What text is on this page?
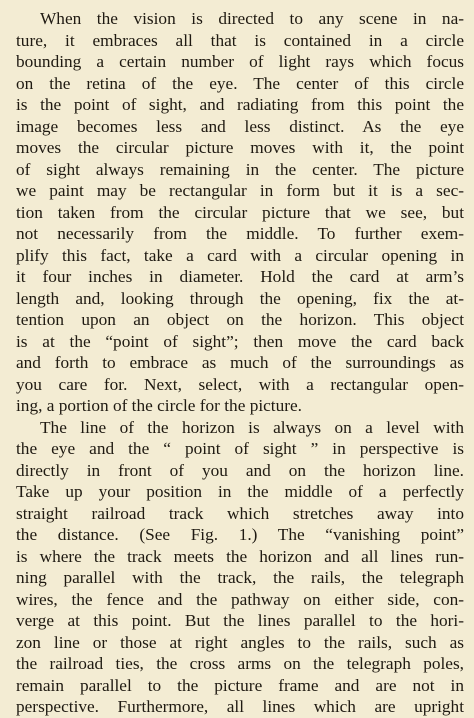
When the vision is directed to any scene in na-
ture, it embraces all that is contained in a circle
bounding a certain number of light rays which focus
on the retina of the eye. The center of this circle
is the point of sight, and radiating from this point the
image becomes less and less distinct. As the eye
moves the circular picture moves with it, the point
of sight always remaining in the center. The picture
we paint may be rectangular in form but it is a sec-
tion taken from the circular picture that we see, but
not necessarily from the middle. To further exem-
plify this fact, take a card with a circular opening in
it four inches in diameter. Hold the card at arm’s
length and, looking through the opening, fix the at-
tention upon an object on the horizon. This object
is at the “point of sight”; then move the card back
and forth to embrace as much of the surroundings as
you care for. Next, select, with a rectangular open-
ing, a portion of the circle for the picture.
The line of the horizon is always on a level with
the eye and the “ point of sight ” in perspective is
directly in front of you and on the horizon line.
Take up your position in the middle of a perfectly
straight railroad track which stretches away into
the distance. (See Fig. 1.) The “vanishing point”
is where the track meets the horizon and all lines run-
ning parallel with the track, the rails, the telegraph
wires, the fence and the pathway on either side, con-
verge at this point. But the lines parallel to the hori-
zon line or those at right angles to the rails, such as
the railroad ties, the cross arms on the telegraph poles,
remain parallel to the picture frame and are not in
perspective. Furthermore, all lines which are upright
